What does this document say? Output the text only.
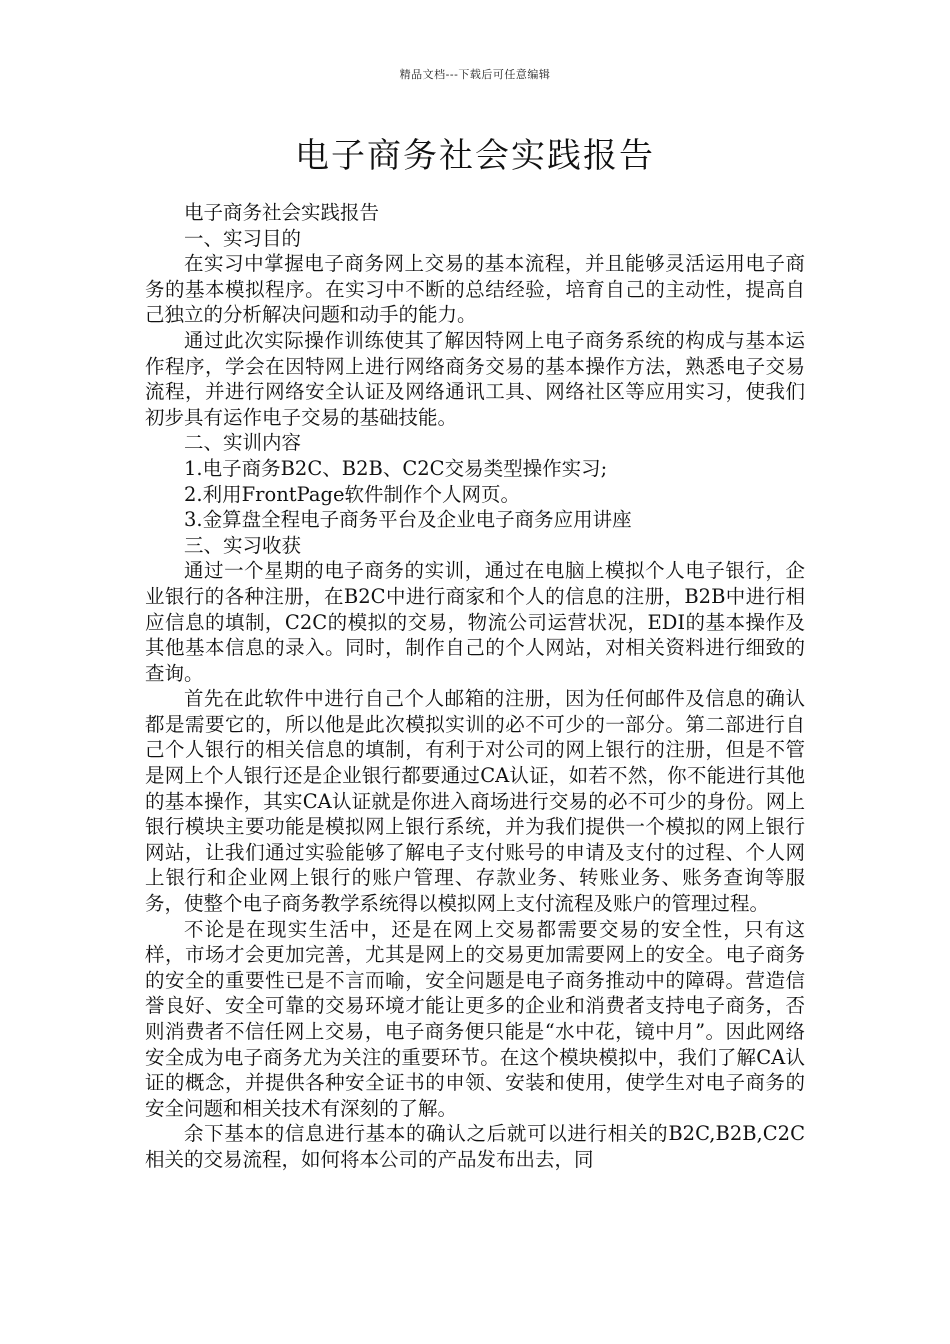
精品文档---下载后可任意编辑
电子商务社会实践报告

电子商务社会实践报告

一、实习目的

在实习中掌握电子商务网上交易的基本流程，并且能够灵活运用电子商务的基本模拟程序。在实习中不断的总结经验，培育自己的主动性，提高自己独立的分析解决问题和动手的能力。

通过此次实际操作训练使其了解因特网上电子商务系统的构成与基本运作程序，学会在因特网上进行网络商务交易的基本操作方法，熟悉电子交易流程，并进行网络安全认证及网络通讯工具、网络社区等应用实习，使我们初步具有运作电子交易的基础技能。

二、实训内容

1.电子商务B2C、B2B、C2C交易类型操作实习;

2.利用FrontPage软件制作个人网页。

3.金算盘全程电子商务平台及企业电子商务应用讲座

三、实习收获

通过一个星期的电子商务的实训，通过在电脑上模拟个人电子银行，企业银行的各种注册，在B2C中进行商家和个人的信息的注册，B2B中进行相应信息的填制，C2C的模拟的交易，物流公司运营状况，EDI的基本操作及其他基本信息的录入。同时，制作自己的个人网站，对相关资料进行细致的查询。

首先在此软件中进行自己个人邮箱的注册，因为任何邮件及信息的确认都是需要它的，所以他是此次模拟实训的必不可少的一部分。第二部进行自己个人银行的相关信息的填制，有利于对公司的网上银行的注册，但是不管是网上个人银行还是企业银行都要通过CA认证，如若不然，你不能进行其他的基本操作，其实CA认证就是你进入商场进行交易的必不可少的身份。网上银行模块主要功能是模拟网上银行系统，并为我们提供一个模拟的网上银行网站，让我们通过实验能够了解电子支付账号的申请及支付的过程、个人网上银行和企业网上银行的账户管理、存款业务、转账业务、账务查询等服务，使整个电子商务教学系统得以模拟网上支付流程及账户的管理过程。

不论是在现实生活中，还是在网上交易都需要交易的安全性，只有这样，市场才会更加完善，尤其是网上的交易更加需要网上的安全。电子商务的安全的重要性已是不言而喻，安全问题是电子商务推动中的障碍。营造信誉良好、安全可靠的交易环境才能让更多的企业和消费者支持电子商务，否则消费者不信任网上交易，电子商务便只能是“水中花，镜中月”。因此网络安全成为电子商务尤为关注的重要环节。在这个模块模拟中，我们了解CA认证的概念，并提供各种安全证书的申领、安装和使用，使学生对电子商务的安全问题和相关技术有深刻的了解。

余下基本的信息进行基本的确认之后就可以进行相关的B2C,B2B,C2C相关的交易流程，如何将本公司的产品发布出去，同
